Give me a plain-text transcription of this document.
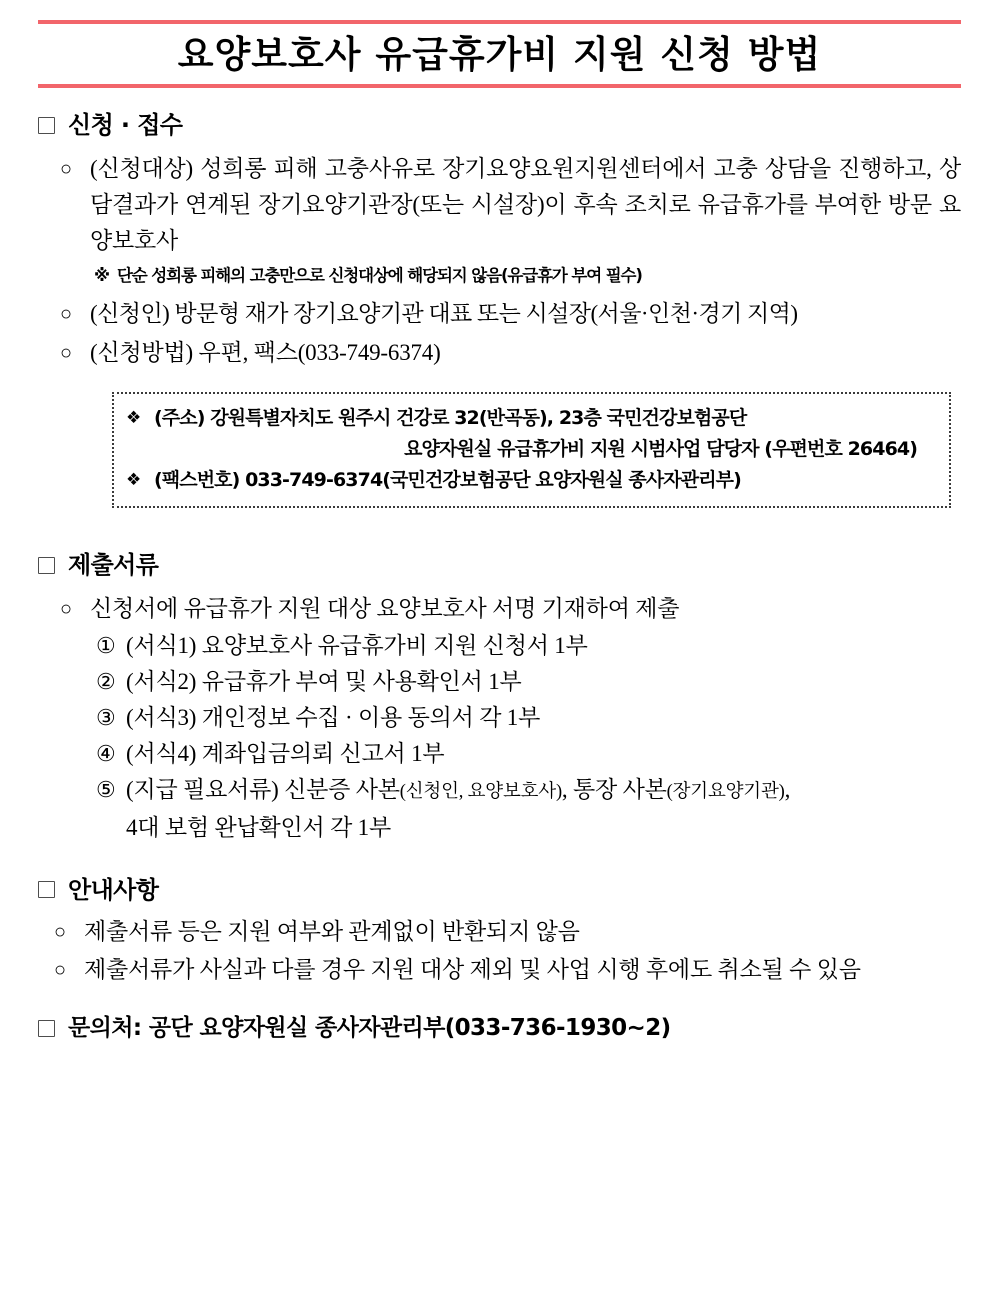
요양보호사 유급휴가비 지원 신청 방법
신청 · 접수
○ (신청대상) 성희롱 피해 고충사유로 장기요양요원지원센터에서 고충 상담을 진행하고, 상담결과가 연계된 장기요양기관장(또는 시설장)이 후속 조치로 유급휴가를 부여한 방문 요양보호사
※ 단순 성희롱 피해의 고충만으로 신청대상에 해당되지 않음(유급휴가 부여 필수)
○ (신청인) 방문형 재가 장기요양기관 대표 또는 시설장(서울·인천·경기 지역)
○ (신청방법) 우편, 팩스(033-749-6374)
❖ (주소) 강원특별자치도 원주시 건강로 32(반곡동), 23층 국민건강보험공단
요양자원실 유급휴가비 지원 시범사업 담당자 (우편번호 26464)
❖ (팩스번호) 033-749-6374(국민건강보험공단 요양자원실 종사자관리부)
제출서류
○ 신청서에 유급휴가 지원 대상 요양보호사 서명 기재하여 제출
① (서식1) 요양보호사 유급휴가비 지원 신청서 1부
② (서식2) 유급휴가 부여 및 사용확인서 1부
③ (서식3) 개인정보 수집 · 이용 동의서 각 1부
④ (서식4) 계좌입금의뢰 신고서 1부
⑤ (지급 필요서류) 신분증 사본(신청인, 요양보호사), 통장 사본(장기요양기관),
4대 보험 완납확인서 각 1부
안내사항
○ 제출서류 등은 지원 여부와 관계없이 반환되지 않음
○ 제출서류가 사실과 다를 경우 지원 대상 제외 및 사업 시행 후에도 취소될 수 있음
문의처: 공단 요양자원실 종사자관리부(033-736-1930~2)
